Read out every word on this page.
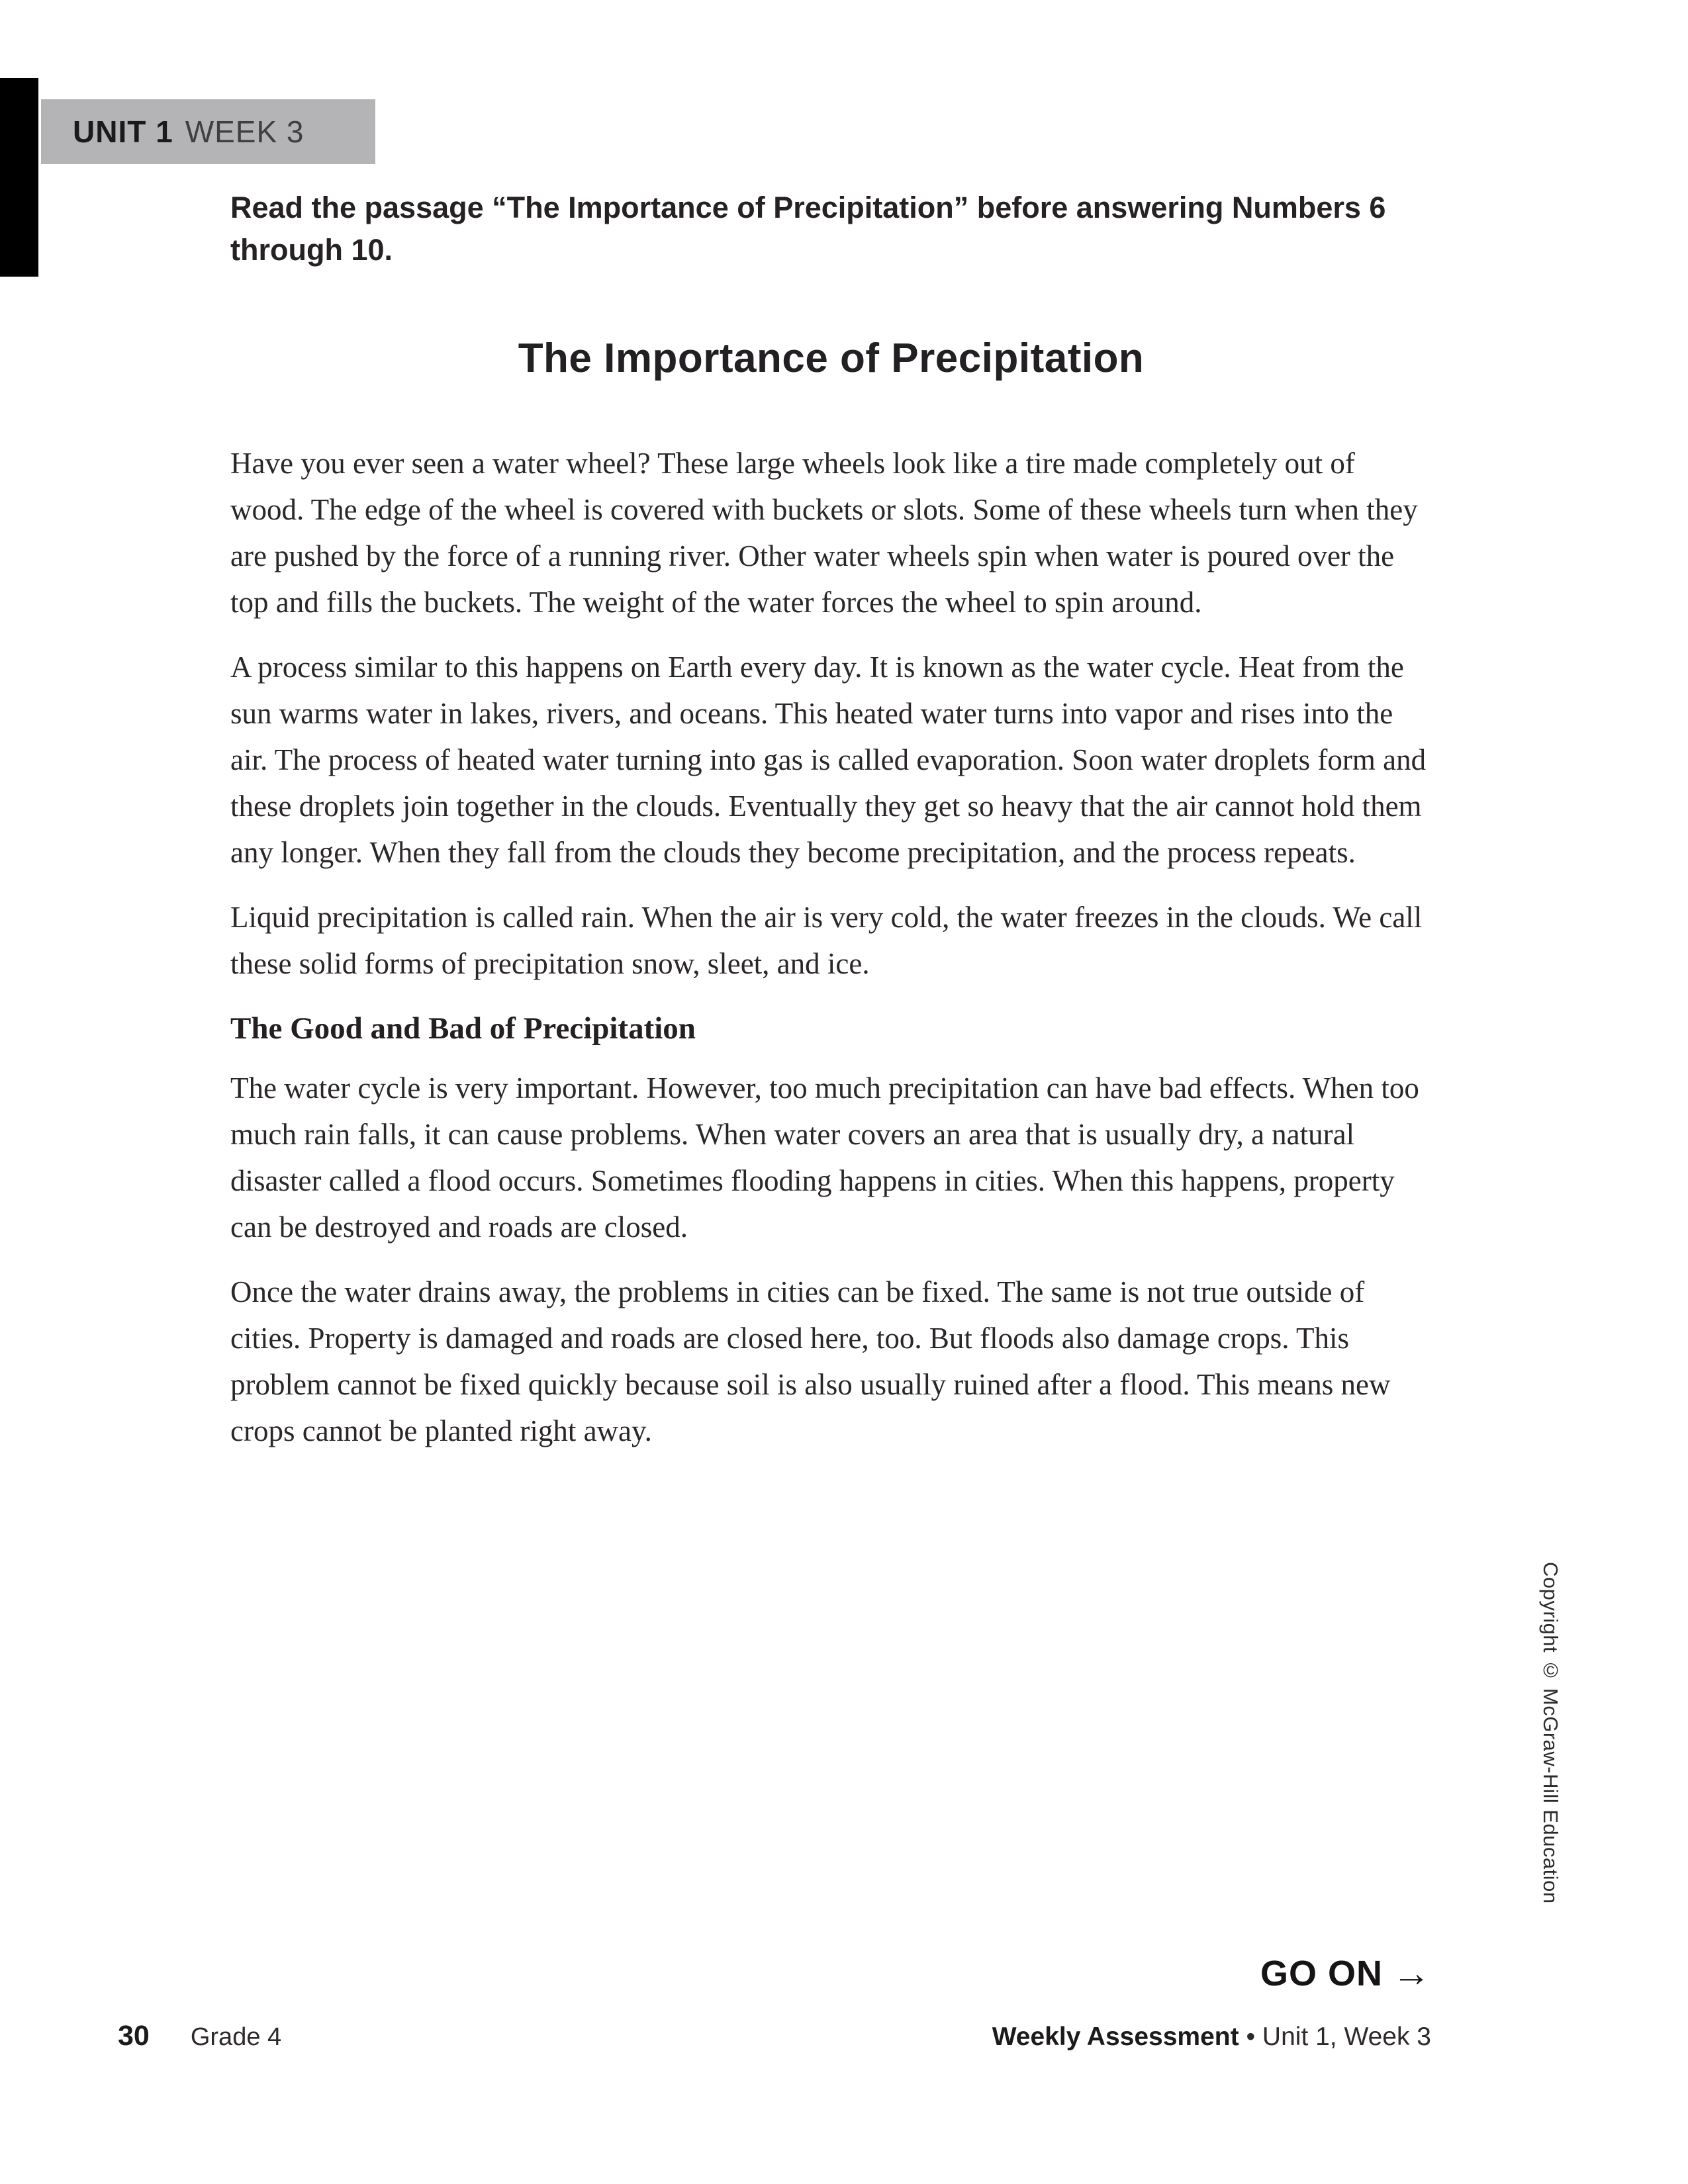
UNIT 1 WEEK 3

Read the passage “The Importance of Precipitation” before answering Numbers 6 through 10.

The Importance of Precipitation

Have you ever seen a water wheel? These large wheels look like a tire made completely out of wood. The edge of the wheel is covered with buckets or slots. Some of these wheels turn when they are pushed by the force of a running river. Other water wheels spin when water is poured over the top and fills the buckets. The weight of the water forces the wheel to spin around.

A process similar to this happens on Earth every day. It is known as the water cycle. Heat from the sun warms water in lakes, rivers, and oceans. This heated water turns into vapor and rises into the air. The process of heated water turning into gas is called evaporation. Soon water droplets form and these droplets join together in the clouds. Eventually they get so heavy that the air cannot hold them any longer. When they fall from the clouds they become precipitation, and the process repeats.

Liquid precipitation is called rain. When the air is very cold, the water freezes in the clouds. We call these solid forms of precipitation snow, sleet, and ice.

The Good and Bad of Precipitation

The water cycle is very important. However, too much precipitation can have bad effects. When too much rain falls, it can cause problems. When water covers an area that is usually dry, a natural disaster called a flood occurs. Sometimes flooding happens in cities. When this happens, property can be destroyed and roads are closed.

Once the water drains away, the problems in cities can be fixed. The same is not true outside of cities. Property is damaged and roads are closed here, too. But floods also damage crops. This problem cannot be fixed quickly because soil is also usually ruined after a flood. This means new crops cannot be planted right away.

Copyright © McGraw-Hill Education
GO ON →
30 Grade 4	Weekly Assessment • Unit 1, Week 3
